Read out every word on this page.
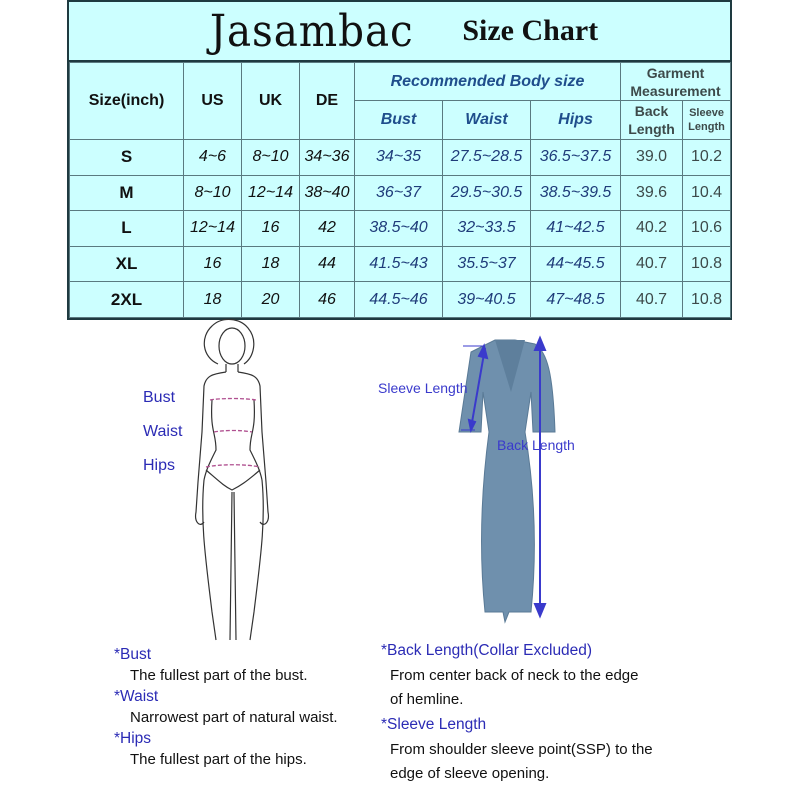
Jasambac Size Chart
Size(inch)	US	UK	DE	Recommended Body size			Garment Measurement	
				Bust	Waist	Hips	Back Length	Sleeve Length
S	4~6	8~10	34~36	34~35	27.5~28.5	36.5~37.5	39.0	10.2
M	8~10	12~14	38~40	36~37	29.5~30.5	38.5~39.5	39.6	10.4
L	12~14	16	42	38.5~40	32~33.5	41~42.5	40.2	10.6
XL	16	18	44	41.5~43	35.5~37	44~45.5	40.7	10.8
2XL	18	20	46	44.5~46	39~40.5	47~48.5	40.7	10.8
Bust
Waist
Hips
Sleeve Length
Back Length

*Bust

The fullest part of the bust.

*Waist

Narrowest part of natural waist.

*Hips

The fullest part of the hips.

*Back Length(Collar Excluded)

From center back of neck to the edge

of hemline.

*Sleeve Length

From shoulder sleeve point(SSP) to the

edge of sleeve opening.
